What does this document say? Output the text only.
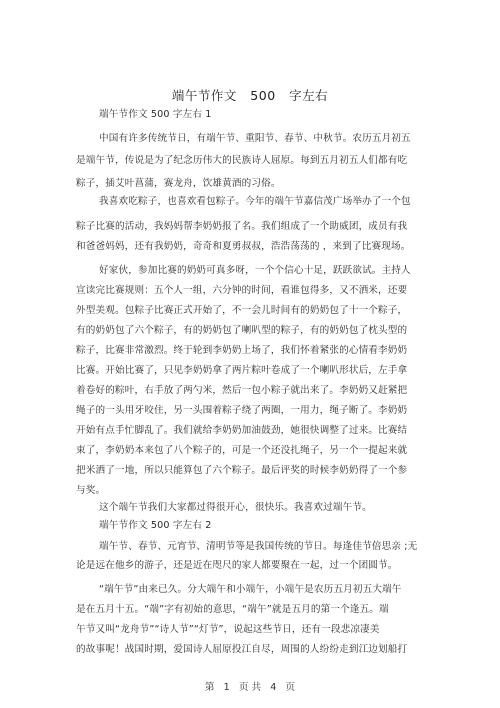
端午节作文   500   字左右
端午节作文 500 字左右 1
中国有许多传统节日，有端午节、重阳节、春节、中秋节。农历五月初五
是端午节，传说是为了纪念历伟大的民族诗人屈原。每到五月初五人们都有吃
粽子，插艾叶菖蒲，赛龙舟，饮雄黄酒的习俗。
我喜欢吃粽子，也喜欢看包粽子。今年的端午节嘉信茂广场举办了一个包
粽子比赛的活动，我妈妈帮李奶奶报了名。我们组成了一个助威团，成员有我
和爸爸妈妈，还有我奶奶，奇奇和夏勇叔叔，浩浩荡荡的 ，来到了比赛现场。
好家伙，参加比赛的奶奶可真多呀，一个个信心十足，跃跃欲试。主持人
宣读完比赛规则：五个人一组，六分钟的时间，看谁包得多，又不洒米，还要
外型美观。包粽子比赛正式开始了，不一会儿时间有的奶奶包了十一个粽子，
有的奶奶包了六个粽子，有的奶奶包了喇叭型的粽子，有的奶奶包了枕头型的
粽子，比赛非常激烈。终于轮到李奶奶上场了，我们怀着紧张的心情看李奶奶
比赛。开始比赛了，只见李奶奶拿了两片粽叶卷成了一个喇叭形状后，左手拿
着卷好的粽叶，右手放了两勺米，然后一包小粽子就出来了。李奶奶又赶紧把
绳子的一头用牙咬住，另一头围着粽子绕了两圈，一用力，绳子断了。李奶奶
开始有点手忙脚乱了。我们就给李奶奶加油鼓劲，她很快调整了过来。比赛结
束了，李奶奶本来包了八个粽子的，可是一个还没扎绳子，另一个一提起来就
把米洒了一地，所以只能算包了六个粽子。最后评奖的时候李奶奶得了一个参
与奖。
这个端午节我们大家都过得很开心，很快乐。我喜欢过端午节。
端午节作文 500 字左右 2
端午节、春节、元宵节、清明节等是我国传统的节日。每逢佳节倍思亲 ;无
论是远在他乡的游子，还是近在咫尺的家人都要聚在一起，过一个团圆节。
“端午节”由来已久。分大端午和小端午，小端午是农历五月初五大端午
是在五月十五。“端”字有初始的意思，“端午”就是五月的第一个逢五。端
午节又叫“龙舟节”“诗人节”“灯节”，说起这些节日，还有一段悲凉凄美
的故事呢！战国时期，爱国诗人屈原投江自尽，周围的人纷纷走到江边划船打
第   1   页 共   4   页
